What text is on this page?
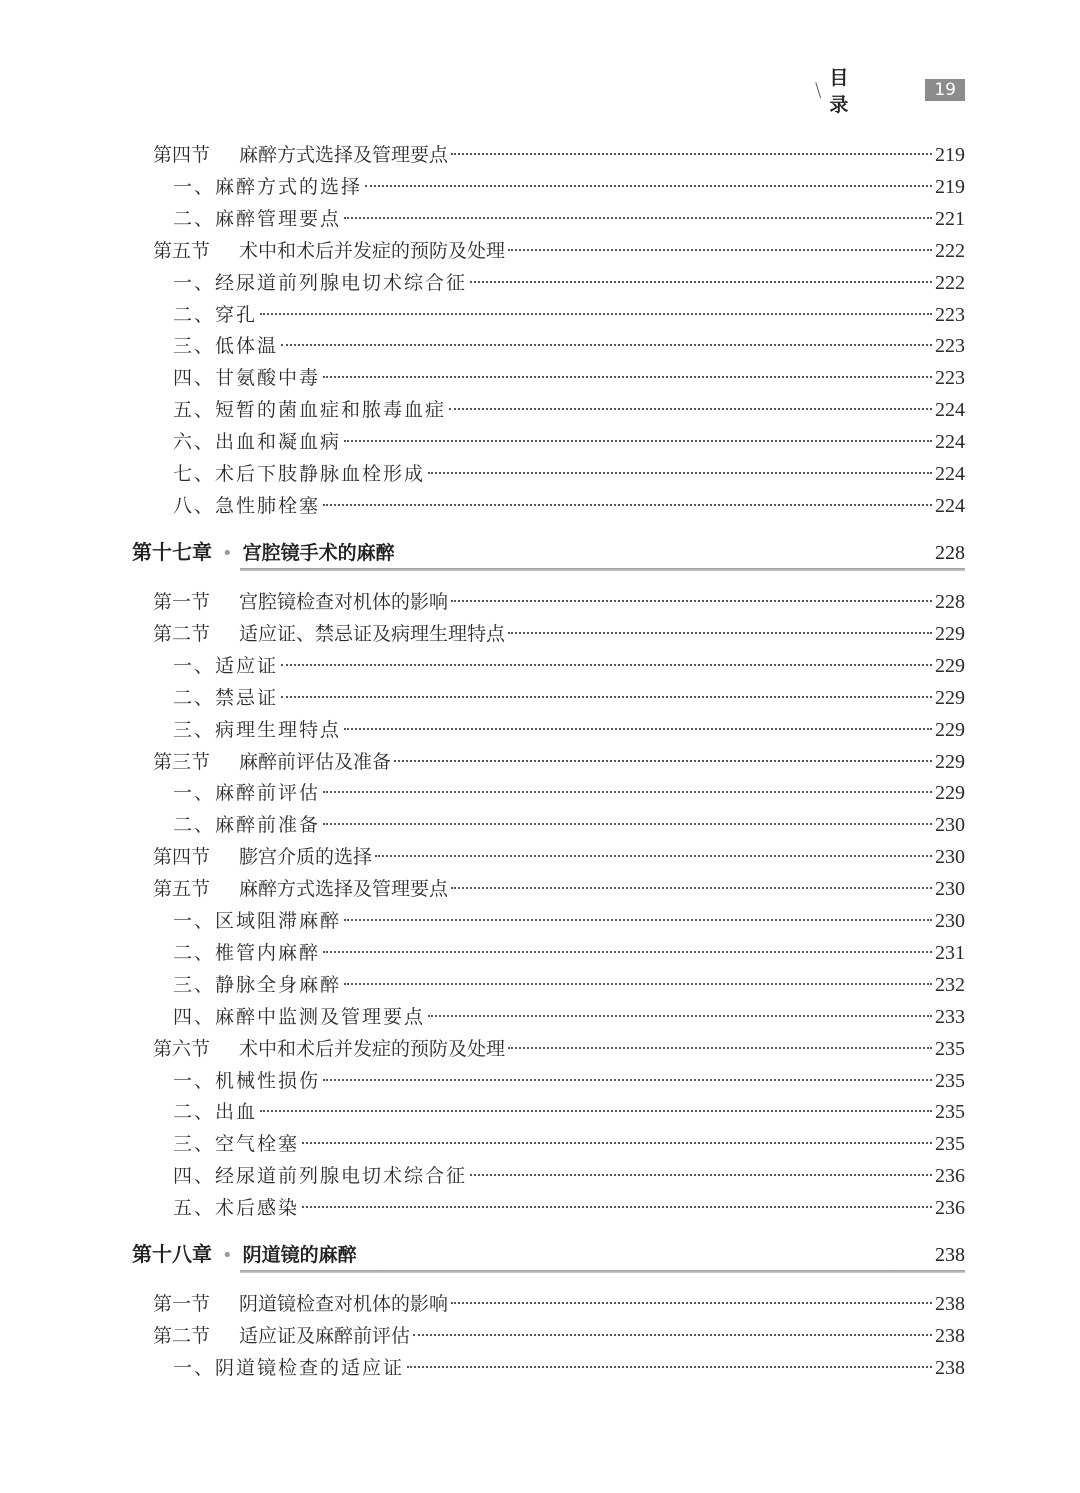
\
目录
19
第四节	麻醉方式选择及管理要点	219
一、麻醉方式的选择	219
二、麻醉管理要点	221
第五节	术中和术后并发症的预防及处理	222
一、经尿道前列腺电切术综合征	222
二、穿孔	223
三、低体温	223
四、甘氨酸中毒	223
五、短暂的菌血症和脓毒血症	224
六、出血和凝血病	224
七、术后下肢静脉血栓形成	224
八、急性肺栓塞	224
第十七章 • 宫腔镜手术的麻醉	228
第一节	宫腔镜检查对机体的影响	228
第二节	适应证、禁忌证及病理生理特点	229
一、适应证	229
二、禁忌证	229
三、病理生理特点	229
第三节	麻醉前评估及准备	229
一、麻醉前评估	229
二、麻醉前准备	230
第四节	膨宫介质的选择	230
第五节	麻醉方式选择及管理要点	230
一、区域阻滞麻醉	230
二、椎管内麻醉	231
三、静脉全身麻醉	232
四、麻醉中监测及管理要点	233
第六节	术中和术后并发症的预防及处理	235
一、机械性损伤	235
二、出血	235
三、空气栓塞	235
四、经尿道前列腺电切术综合征	236
五、术后感染	236
第十八章 • 阴道镜的麻醉	238
第一节	阴道镜检查对机体的影响	238
第二节	适应证及麻醉前评估	238
一、阴道镜检查的适应证	238
